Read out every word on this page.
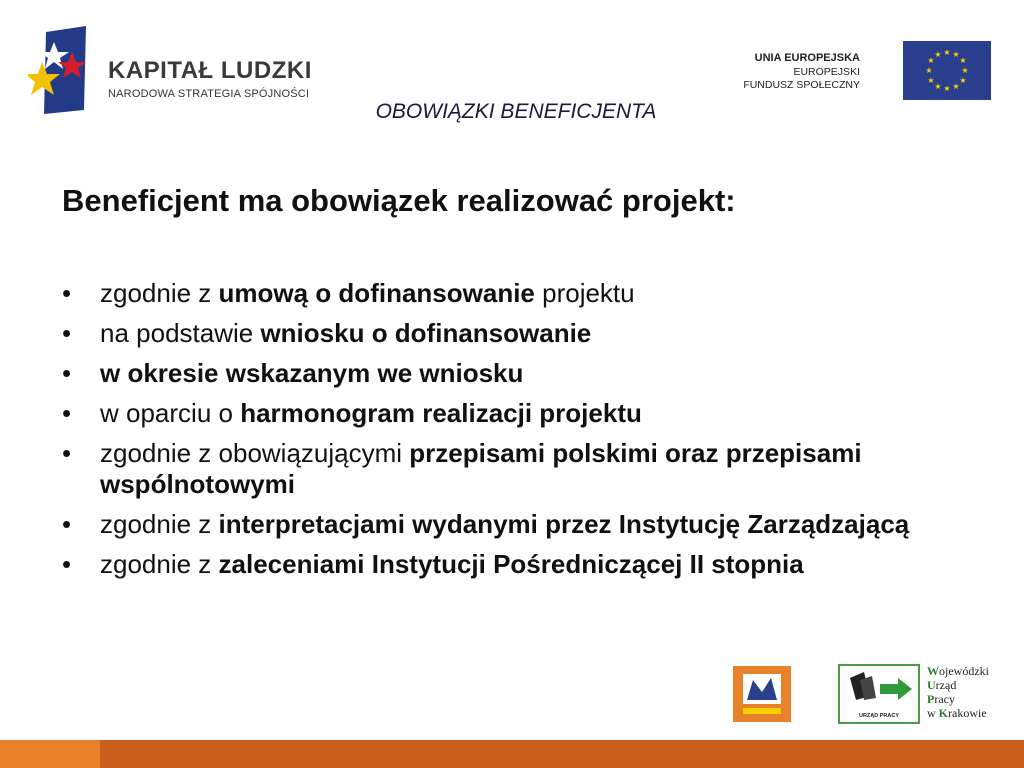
KAPITAŁ LUDZKI
NARODOWA STRATEGIA SPÓJNOŚCI
UNIA EUROPEJSKA
EUROPEJSKI
FUNDUSZ SPOŁECZNY
★ ★
★
★
★
★
★
★
★
★
★
★
OBOWIĄZKI BENEFICJENTA
Beneficjent ma obowiązek realizować projekt:
• zgodnie z umową o dofinansowanie projektu
• na podstawie wniosku o dofinansowanie
• w okresie wskazanym we wniosku
• w oparciu o harmonogram realizacji projektu
• zgodnie z obowiązującymi przepisami polskimi oraz przepisami wspólnotowymi
• zgodnie z interpretacjami wydanymi przez Instytucję Zarządzającą
• zgodnie z zaleceniami Instytucji Pośredniczącej II stopnia
URZĄD PRACY
Wojewódzki
Urząd
Pracy
w Krakowie
